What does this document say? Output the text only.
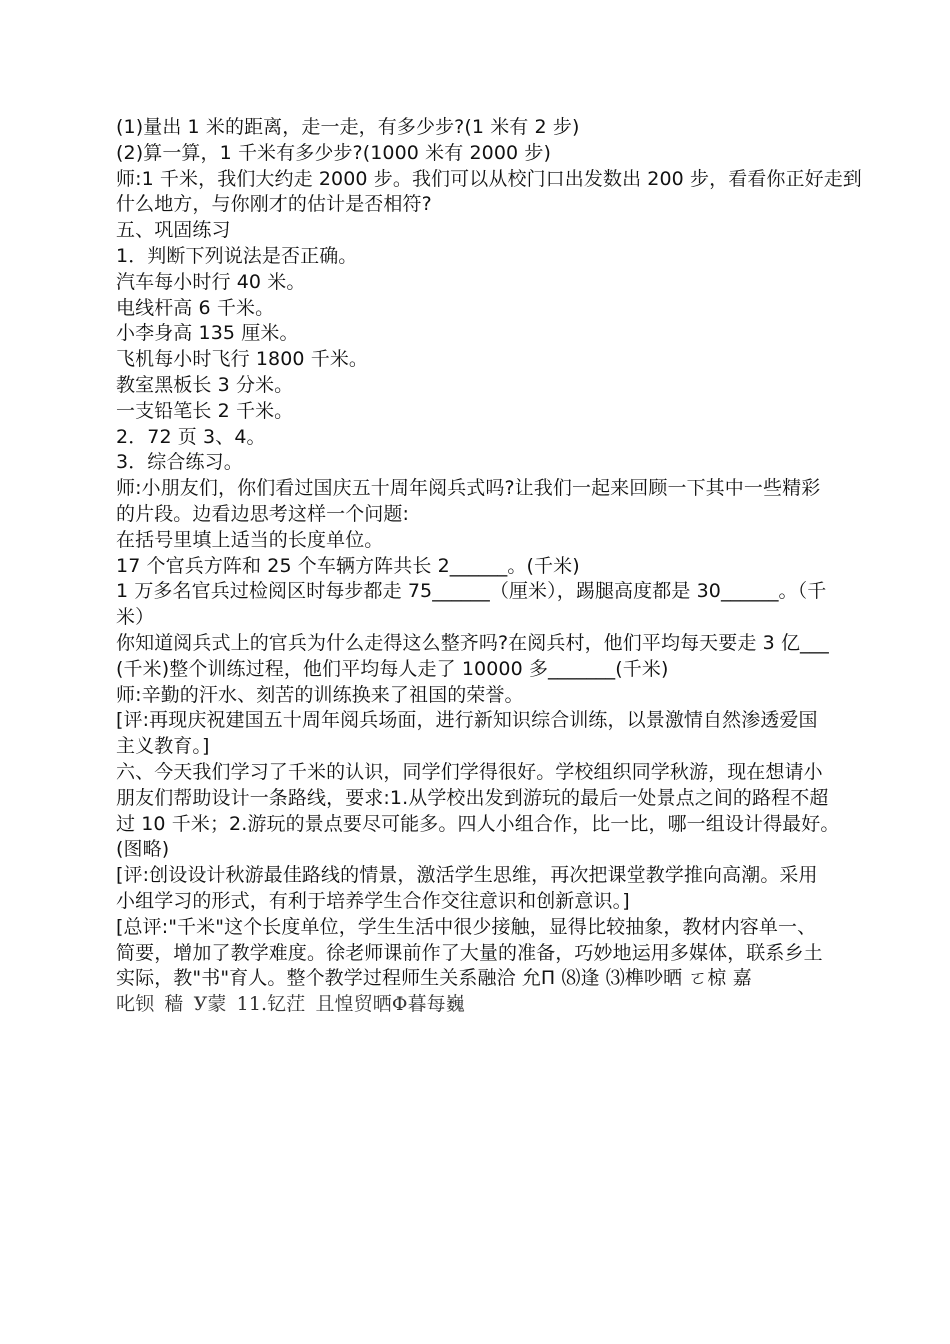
(1)量出 1 米的距离，走一走，有多少步?(1 米有 2 步)
(2)算一算，1 千米有多少步?(1000 米有 2000 步)
师:1 千米，我们大约走 2000 步。我们可以从校门口出发数出 200 步，看看你正好走到
什么地方，与你刚才的估计是否相符?
五、巩固练习
1．判断下列说法是否正确。
汽车每小时行 40 米。
电线杆高 6 千米。
小李身高 135 厘米。
飞机每小时飞行 1800 千米。
教室黑板长 3 分米。
一支铅笔长 2 千米。
2．72 页 3、4。
3．综合练习。
师:小朋友们，你们看过国庆五十周年阅兵式吗?让我们一起来回顾一下其中一些精彩
的片段。边看边思考这样一个问题:
在括号里填上适当的长度单位。
17 个官兵方阵和 25 个车辆方阵共长 2______。(千米)
1 万多名官兵过检阅区时每步都走 75______（厘米），踢腿高度都是 30______。（千
米）
你知道阅兵式上的官兵为什么走得这么整齐吗?在阅兵村，他们平均每天要走 3 亿___
(千米)整个训练过程，他们平均每人走了 10000 多_______(千米)
师:辛勤的汗水、刻苦的训练换来了祖国的荣誉。
[评:再现庆祝建国五十周年阅兵场面，进行新知识综合训练，以景激情自然渗透爱国
主义教育。]
六、今天我们学习了千米的认识，同学们学得很好。学校组织同学秋游，现在想请小
朋友们帮助设计一条路线，要求:1.从学校出发到游玩的最后一处景点之间的路程不超
过 10 千米；2.游玩的景点要尽可能多。四人小组合作，比一比，哪一组设计得最好。
(图略)
[评:创设设计秋游最佳路线的情景，激活学生思维，再次把课堂教学推向高潮。采用
小组学习的形式，有利于培养学生合作交往意识和创新意识。]
[总评:"千米"这个长度单位，学生生活中很少接触，显得比较抽象，教材内容单一、
简要，增加了教学难度。徐老师课前作了大量的准备，巧妙地运用多媒体，联系乡土
实际，教"书"育人。整个教学过程师生关系融洽 允Π ⑻逢 ⑶榫吵晒 ㄛ椋 嘉
叱钡 穑 У蒙 11.钇茳 且惶贸晒Φ暮每巍
